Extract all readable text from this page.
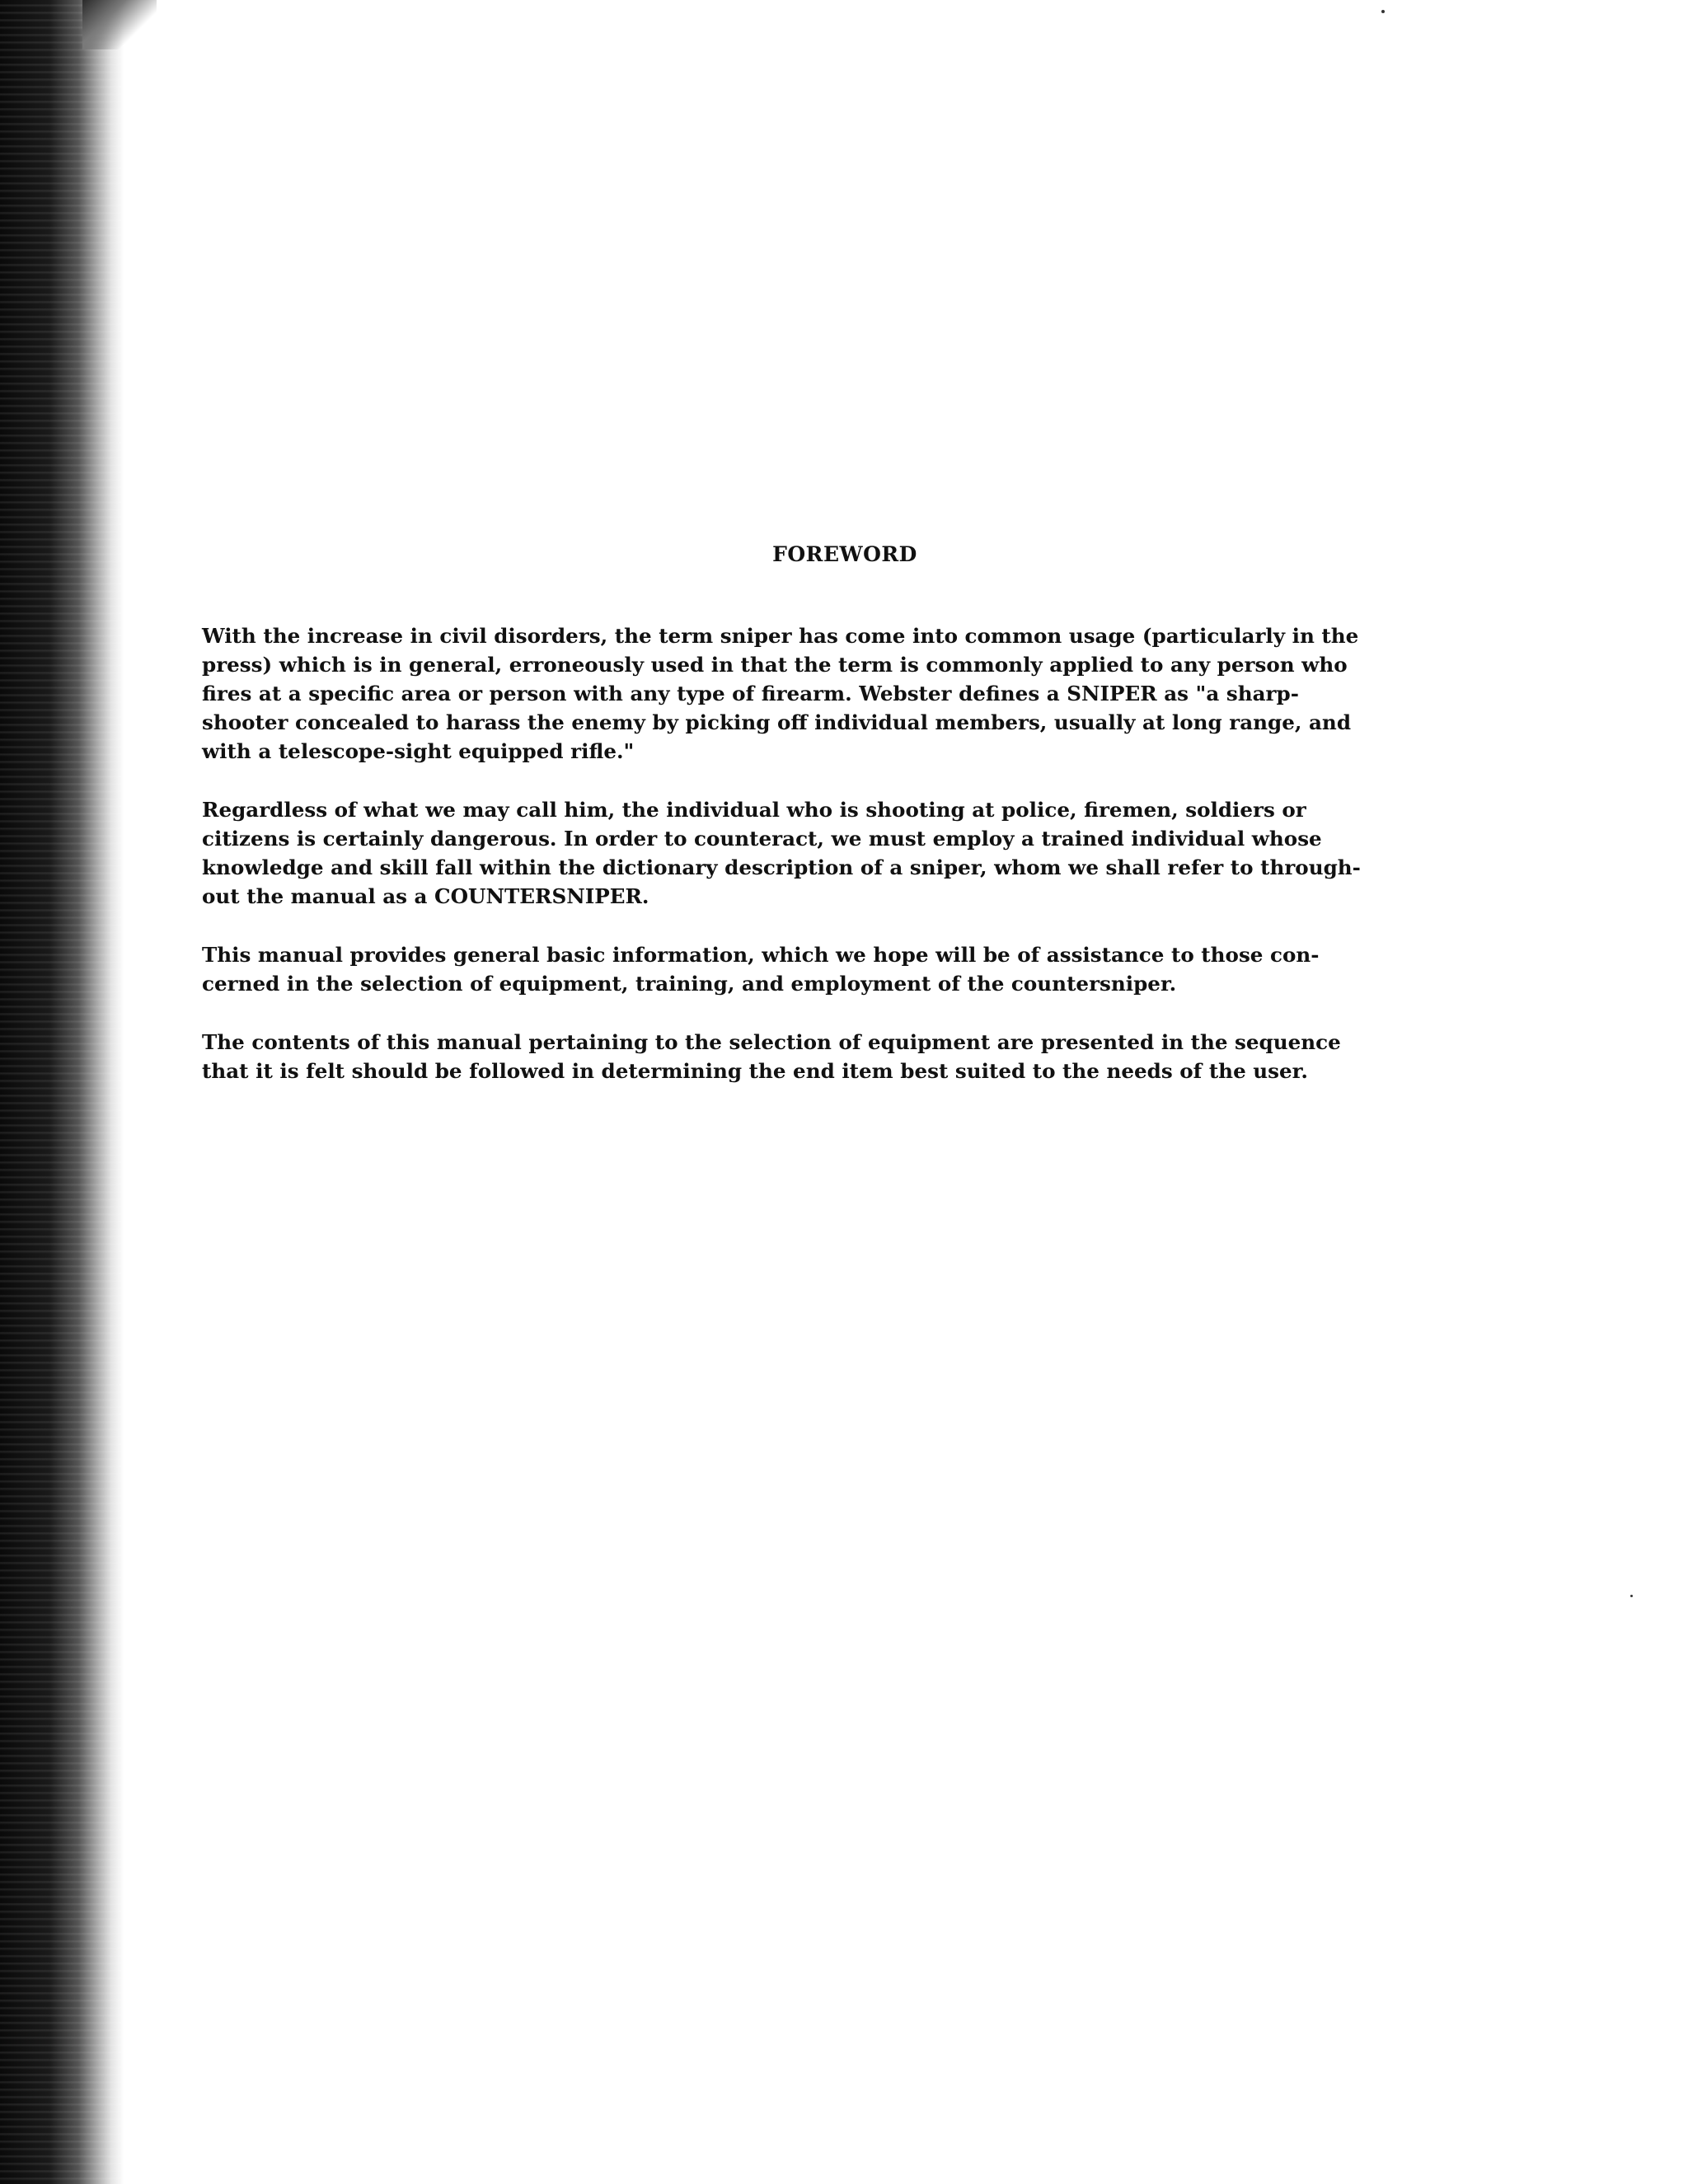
FOREWORD
With the increase in civil disorders, the term sniper has come into common usage (particularly in the
press) which is in general, erroneously used in that the term is commonly applied to any person who
fires at a specific area or person with any type of firearm. Webster defines a SNIPER as "a sharp-
shooter concealed to harass the enemy by picking off individual members, usually at long range, and
with a telescope-sight equipped rifle."
Regardless of what we may call him, the individual who is shooting at police, firemen, soldiers or
citizens is certainly dangerous. In order to counteract, we must employ a trained individual whose
knowledge and skill fall within the dictionary description of a sniper, whom we shall refer to through-
out the manual as a COUNTERSNIPER.
This manual provides general basic information, which we hope will be of assistance to those con-
cerned in the selection of equipment, training, and employment of the countersniper.
The contents of this manual pertaining to the selection of equipment are presented in the sequence
that it is felt should be followed in determining the end item best suited to the needs of the user.
